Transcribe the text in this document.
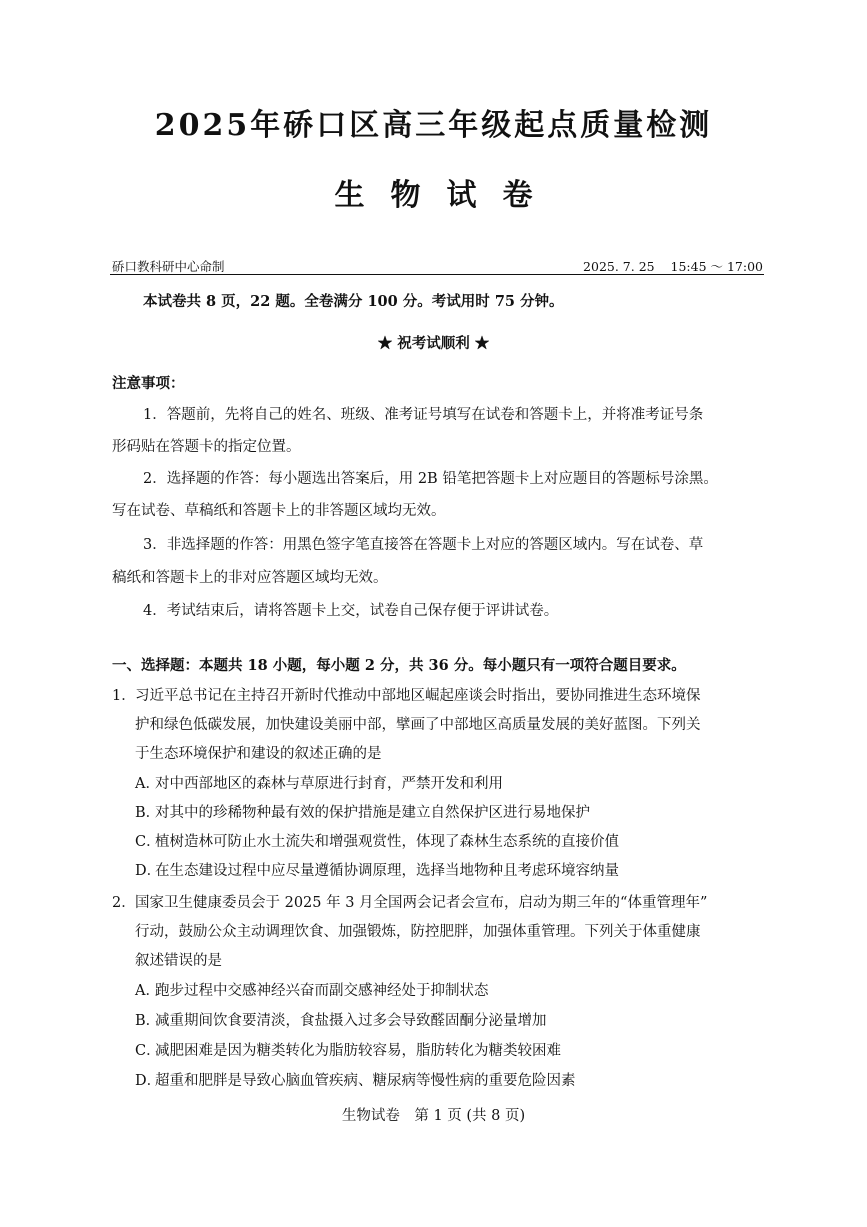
2025年硚口区高三年级起点质量检测
生物试卷
硚口教科研中心命制	2025. 7. 25    15:45 ～ 17:00
本试卷共 8 页，22 题。全卷满分 100 分。考试用时 75 分钟。
★ 祝考试顺利 ★
注意事项：
1．答题前，先将自己的姓名、班级、准考证号填写在试卷和答题卡上，并将准考证号条
形码贴在答题卡的指定位置。
2．选择题的作答：每小题选出答案后，用 2B 铅笔把答题卡上对应题目的答题标号涂黑。
写在试卷、草稿纸和答题卡上的非答题区域均无效。
3．非选择题的作答：用黑色签字笔直接答在答题卡上对应的答题区域内。写在试卷、草
稿纸和答题卡上的非对应答题区域均无效。
4．考试结束后，请将答题卡上交，试卷自己保存便于评讲试卷。
一、选择题：本题共 18 小题，每小题 2 分，共 36 分。每小题只有一项符合题目要求。
1． 习近平总书记在主持召开新时代推动中部地区崛起座谈会时指出，要协同推进生态环境保
护和绿色低碳发展，加快建设美丽中部，擘画了中部地区高质量发展的美好蓝图。下列关
于生态环境保护和建设的叙述正确的是
A．对中西部地区的森林与草原进行封育，严禁开发和利用
B．对其中的珍稀物种最有效的保护措施是建立自然保护区进行易地保护
C．植树造林可防止水土流失和增强观赏性，体现了森林生态系统的直接价值
D．在生态建设过程中应尽量遵循协调原理，选择当地物种且考虑环境容纳量
2． 国家卫生健康委员会于 2025 年 3 月全国两会记者会宣布，启动为期三年的“体重管理年”
行动，鼓励公众主动调理饮食、加强锻炼，防控肥胖，加强体重管理。下列关于体重健康
叙述错误的是
A．跑步过程中交感神经兴奋而副交感神经处于抑制状态
B．减重期间饮食要清淡，食盐摄入过多会导致醛固酮分泌量增加
C．减肥困难是因为糖类转化为脂肪较容易，脂肪转化为糖类较困难
D．超重和肥胖是导致心脑血管疾病、糖尿病等慢性病的重要危险因素
生物试卷　第 1 页 (共 8 页)
